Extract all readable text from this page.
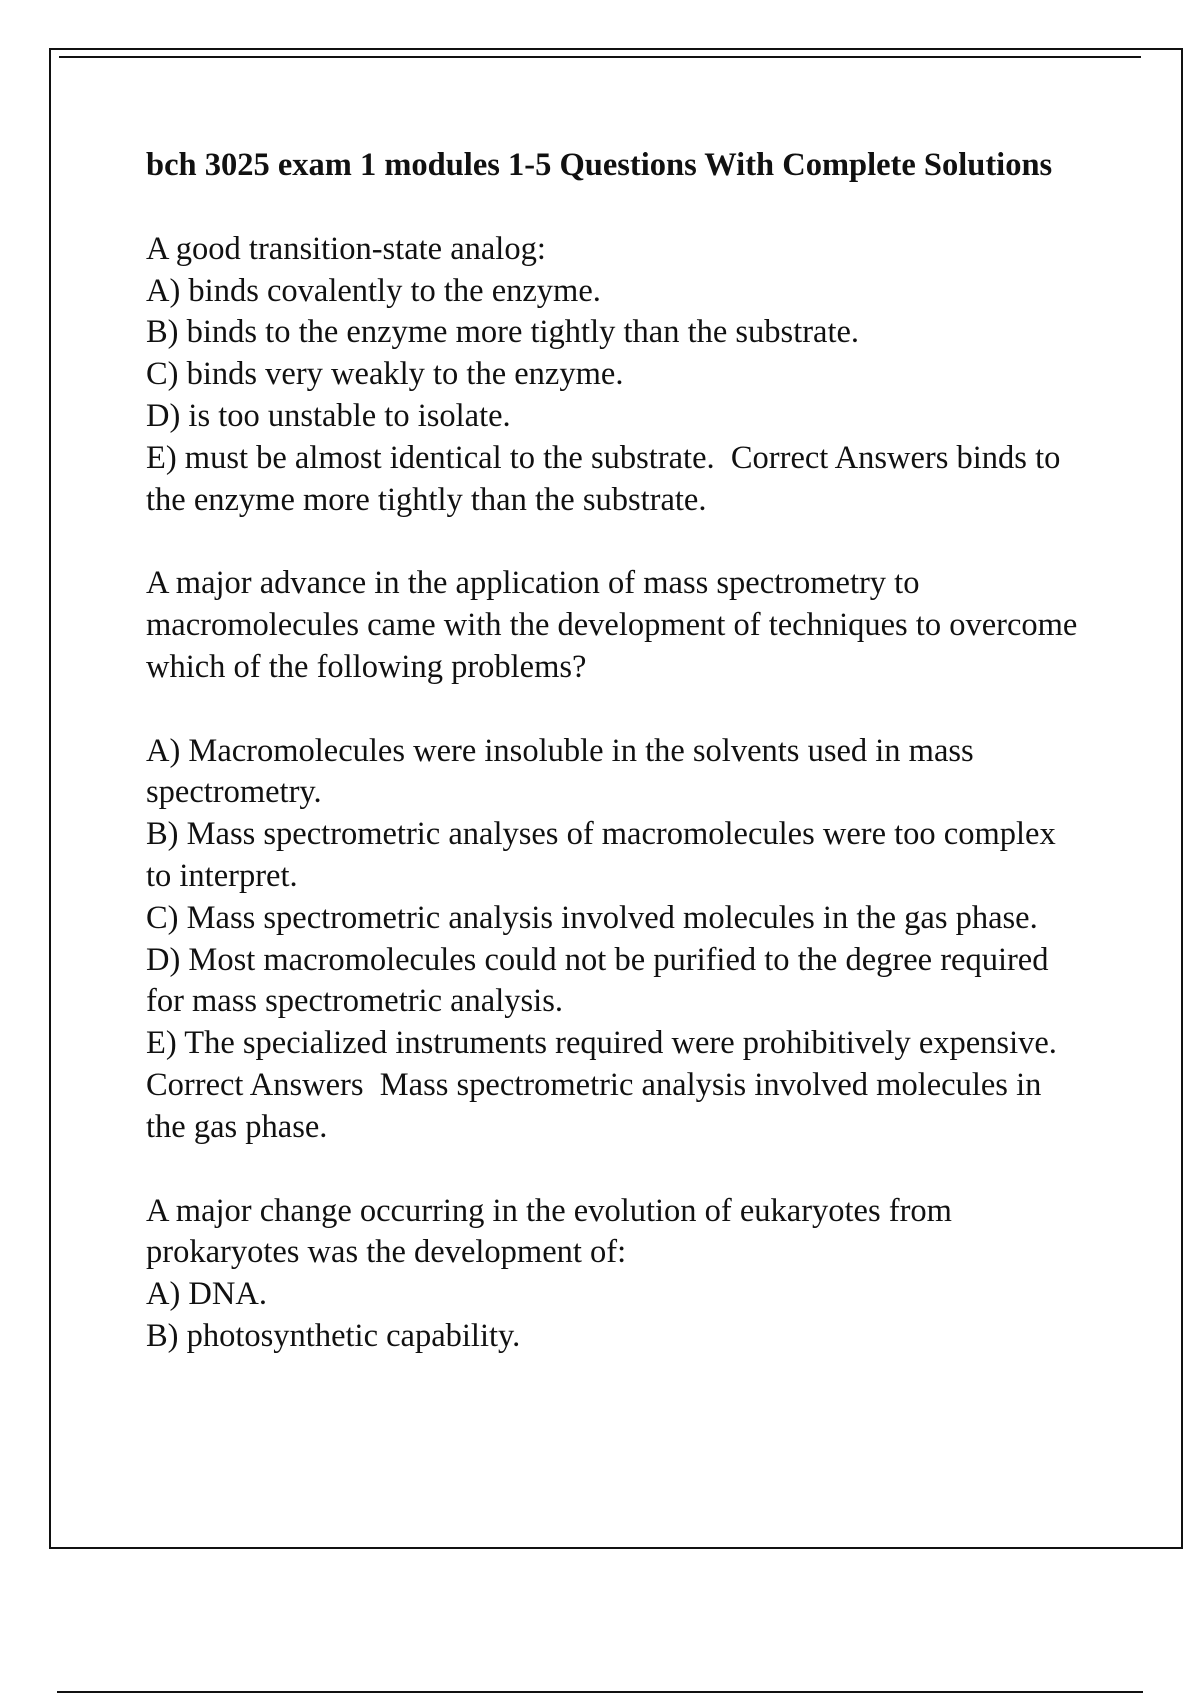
bch 3025 exam 1 modules 1-5 Questions With Complete Solutions
A good transition-state analog:
A) binds covalently to the enzyme.
B) binds to the enzyme more tightly than the substrate.
C) binds very weakly to the enzyme.
D) is too unstable to isolate.
E) must be almost identical to the substrate.  Correct Answers binds to the enzyme more tightly than the substrate.
A major advance in the application of mass spectrometry to macromolecules came with the development of techniques to overcome which of the following problems?
A) Macromolecules were insoluble in the solvents used in mass spectrometry.
B) Mass spectrometric analyses of macromolecules were too complex to interpret.
C) Mass spectrometric analysis involved molecules in the gas phase.
D) Most macromolecules could not be purified to the degree required for mass spectrometric analysis.
E) The specialized instruments required were prohibitively expensive.  Correct Answers  Mass spectrometric analysis involved molecules in the gas phase.
A major change occurring in the evolution of eukaryotes from prokaryotes was the development of:
A) DNA.
B) photosynthetic capability.
